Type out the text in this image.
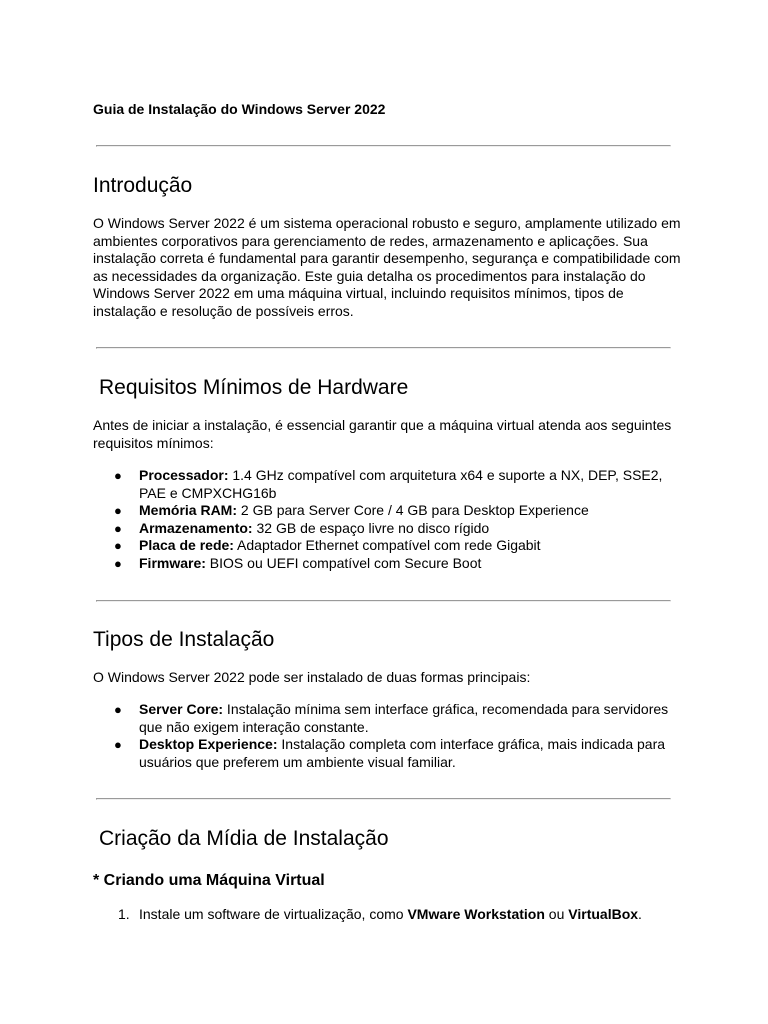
Guia de Instalação do Windows Server 2022

Introdução

O Windows Server 2022 é um sistema operacional robusto e seguro, amplamente utilizado em ambientes corporativos para gerenciamento de redes, armazenamento e aplicações. Sua instalação correta é fundamental para garantir desempenho, segurança e compatibilidade com as necessidades da organização. Este guia detalha os procedimentos para instalação do Windows Server 2022 em uma máquina virtual, incluindo requisitos mínimos, tipos de instalação e resolução de possíveis erros.

Requisitos Mínimos de Hardware

Antes de iniciar a instalação, é essencial garantir que a máquina virtual atenda aos seguintes requisitos mínimos:

● Processador: 1.4 GHz compatível com arquitetura x64 e suporte a NX, DEP, SSE2, PAE e CMPXCHG16b
● Memória RAM: 2 GB para Server Core / 4 GB para Desktop Experience
● Armazenamento: 32 GB de espaço livre no disco rígido
● Placa de rede: Adaptador Ethernet compatível com rede Gigabit
● Firmware: BIOS ou UEFI compatível com Secure Boot
Tipos de Instalação

O Windows Server 2022 pode ser instalado de duas formas principais:

● Server Core: Instalação mínima sem interface gráfica, recomendada para servidores que não exigem interação constante.
● Desktop Experience: Instalação completa com interface gráfica, mais indicada para usuários que preferem um ambiente visual familiar.
Criação da Mídia de Instalação
* Criando uma Máquina Virtual
1. Instale um software de virtualização, como VMware Workstation ou VirtualBox.
